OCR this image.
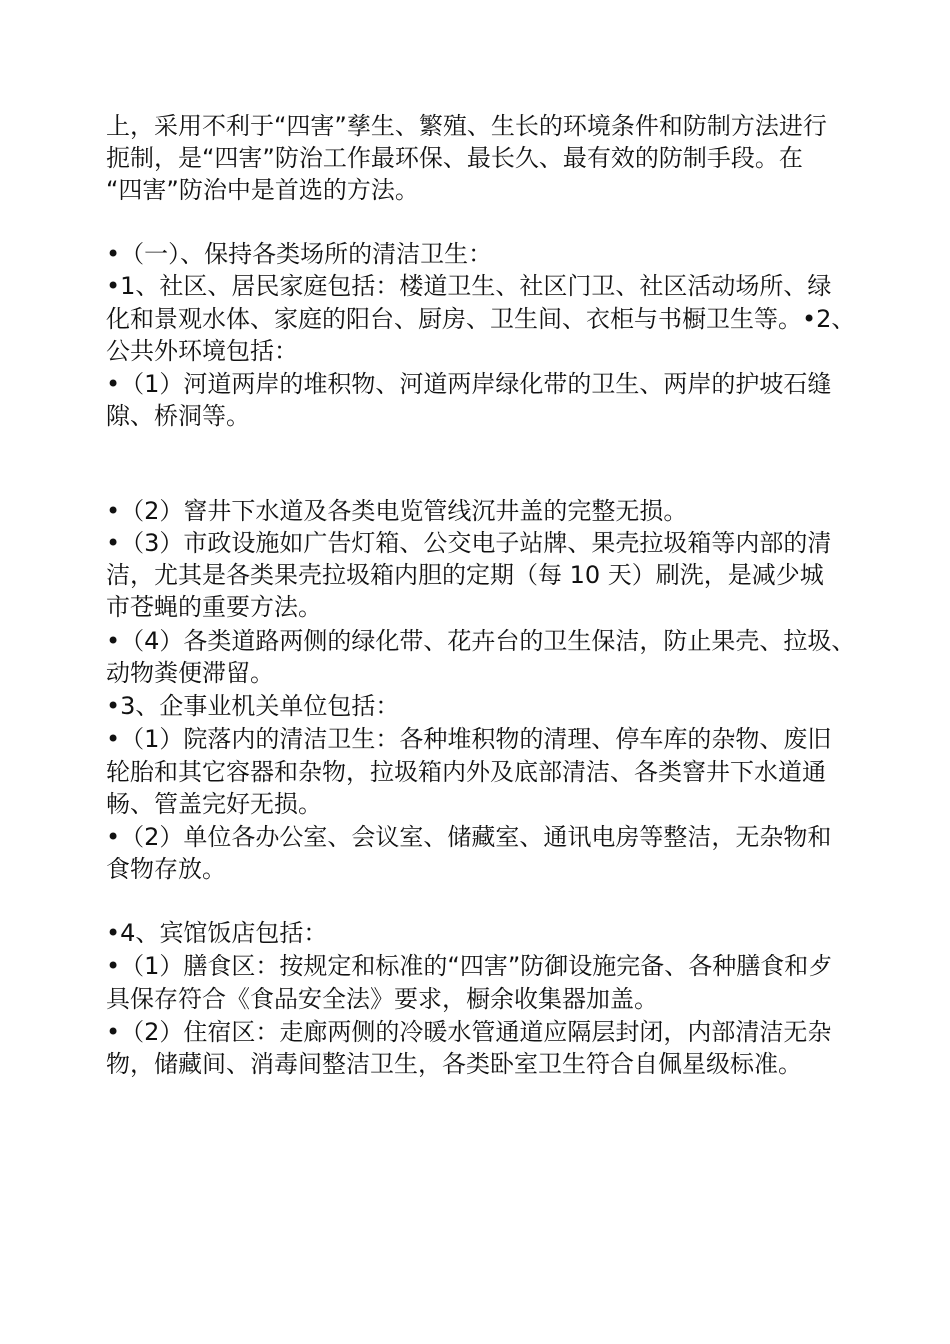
上，采用不利于“四害”孳生、繁殖、生长的环境条件和防制方法进行
扼制，是“四害”防治工作最环保、最长久、最有效的防制手段。在
“四害”防治中是首选的方法。
•（一）、保持各类场所的清洁卫生：
•1、社区、居民家庭包括：楼道卫生、社区门卫、社区活动场所、绿
化和景观水体、家庭的阳台、厨房、卫生间、衣柜与书橱卫生等。•2、
公共外环境包括：
•（1）河道两岸的堆积物、河道两岸绿化带的卫生、两岸的护坡石缝
隙、桥洞等。
•（2）窨井下水道及各类电览管线沉井盖的完整无损。
•（3）市政设施如广告灯箱、公交电子站牌、果壳拉圾箱等内部的清
洁，尤其是各类果壳拉圾箱内胆的定期（每 10 天）刷洗，是减少城
市苍蝇的重要方法。
•（4）各类道路两侧的绿化带、花卉台的卫生保洁，防止果壳、拉圾、
动物粪便滞留。
•3、企事业机关单位包括：
•（1）院落内的清洁卫生：各种堆积物的清理、停车库的杂物、废旧
轮胎和其它容器和杂物，拉圾箱内外及底部清洁、各类窨井下水道通
畅、管盖完好无损。
•（2）单位各办公室、会议室、储藏室、通讯电房等整洁，无杂物和
食物存放。
•4、宾馆饭店包括：
•（1）膳食区：按规定和标准的“四害”防御设施完备、各种膳食和歺
具保存符合《食品安全法》要求，橱余收集器加盖。
•（2）住宿区：走廊两侧的冷暖水管通道应隔层封闭，内部清洁无杂
物，储藏间、消毒间整洁卫生，各类卧室卫生符合自佩星级标准。
